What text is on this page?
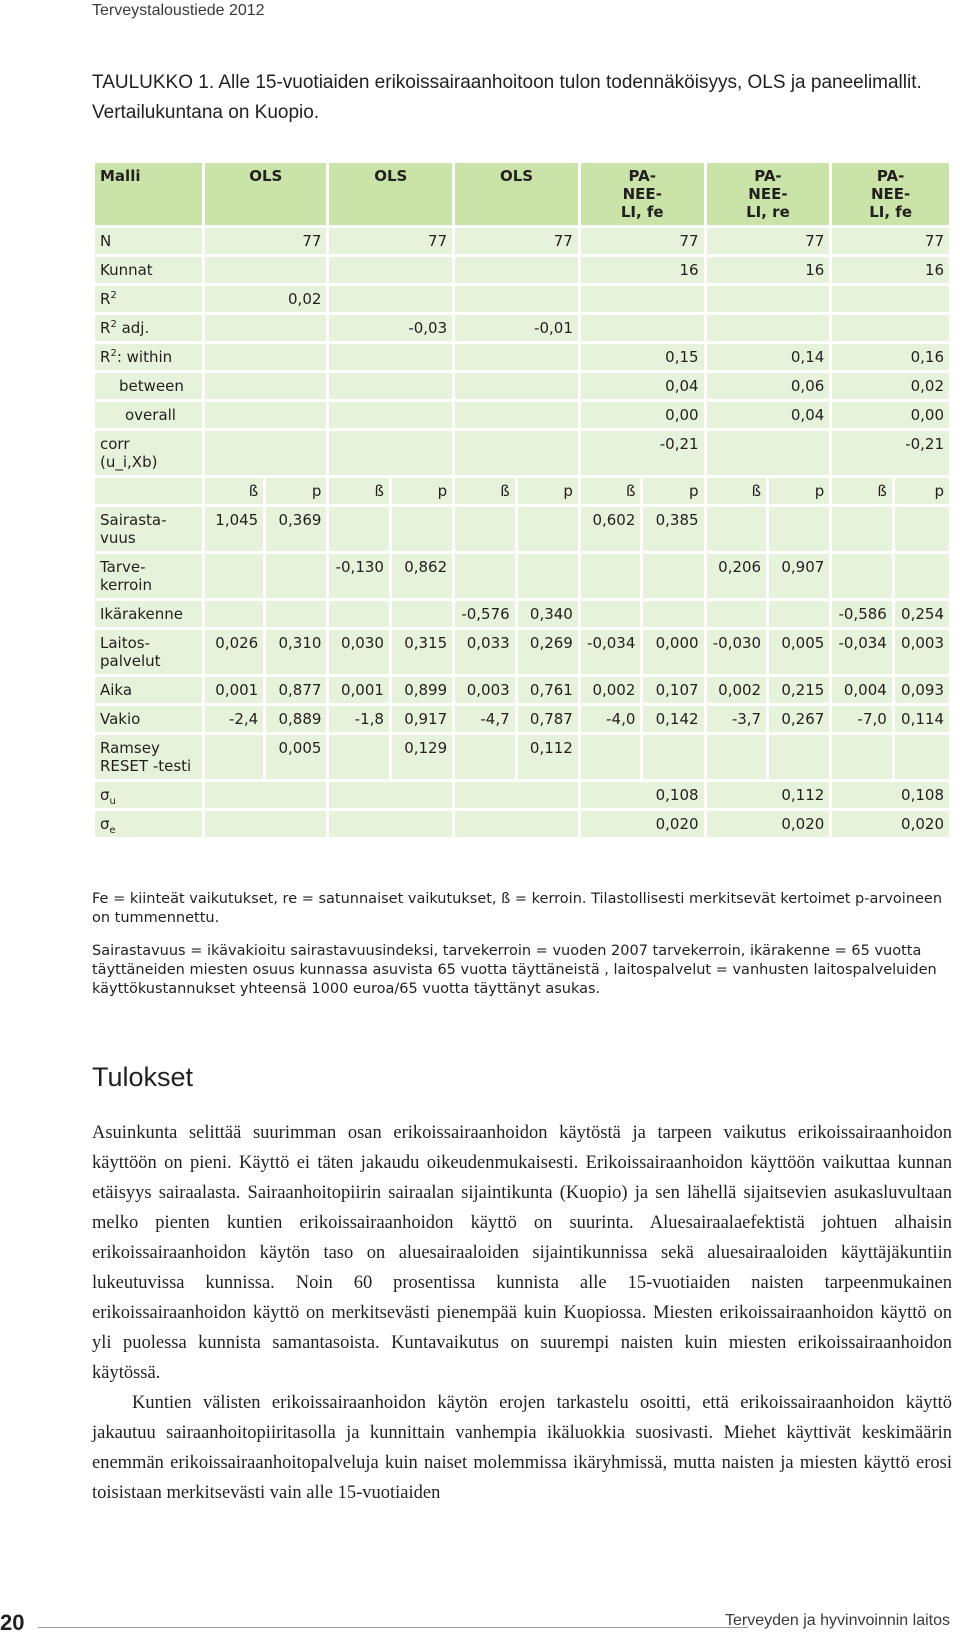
Terveystaloustiede 2012
TAULUKKO 1. Alle 15-vuotiaiden erikoissairaanhoitoon tulon todennäköisyys, OLS ja paneelimallit. Vertailukuntana on Kuopio.
Malli	OLS		OLS		OLS		PA-NEE-LI, fe		PA-NEE-LI, re		PA-NEE-LI, fe	
N	77		77		77		77		77		77	
Kunnat							16		16		16	
$R^2$	0,02											
$R^2$ adj.			-0,03		-0,01							
$R^2$: within							0,15		0,14		0,16	
between							0,04		0,06		0,02	
overall							0,00		0,04		0,00	
corr
(u_i,Xb)							-0,21				-0,21	
	ß	p	ß	p	ß	p	ß	p	ß	p	ß	p
Sairasta-
vuus	1,045	0,369					0,602	0,385				
Tarve-
kerroin			-0,130	0,862					0,206	0,907		
Ikärakenne					-0,576	0,340					-0,586	0,254
Laitos-
palvelut	0,026	0,310	0,030	0,315	0,033	0,269	-0,034	0,000	-0,030	0,005	-0,034	0,003
Aika	0,001	0,877	0,001	0,899	0,003	0,761	0,002	0,107	0,002	0,215	0,004	0,093
Vakio	-2,4	0,889	-1,8	0,917	-4,7	0,787	-4,0	0,142	-3,7	0,267	-7,0	0,114
Ramsey
RESET -testi		0,005		0,129		0,112						
$\sigma_u$							0,108		0,112		0,108	
$\sigma_e$							0,020		0,020		0,020	

Fe = kiinteät vaikutukset, re = satunnaiset vaikutukset, ß = kerroin. Tilastollisesti merkitsevät kertoimet p-arvoineen on tummennettu.

Sairastavuus = ikävakioitu sairastavuusindeksi, tarvekerroin = vuoden 2007 tarvekerroin, ikärakenne = 65 vuotta täyttäneiden miesten osuus kunnassa asuvista 65 vuotta täyttäneistä , laitospalvelut = vanhusten laitospalveluiden käyttökustannukset yhteensä 1000 euroa/65 vuotta täyttänyt asukas.

Tulokset

Asuinkunta selittää suurimman osan erikoissairaanhoidon käytöstä ja tarpeen vaikutus erikoissairaanhoidon käyttöön on pieni. Käyttö ei täten jakaudu oikeudenmukaisesti. Erikoissairaanhoidon käyttöön vaikuttaa kunnan etäisyys sairaalasta. Sairaanhoitopiirin sairaalan sijaintikunta (Kuopio) ja sen lähellä sijaitsevien asukasluvultaan melko pienten kuntien erikoissairaanhoidon käyttö on suurinta. Aluesairaalaefektistä johtuen alhaisin erikoissairaanhoidon käytön taso on aluesairaaloiden sijaintikunnissa sekä aluesairaaloiden käyttäjäkuntiin lukeutuvissa kunnissa. Noin 60 prosentissa kunnista alle 15-vuotiaiden naisten tarpeenmukainen erikoissairaanhoidon käyttö on merkitsevästi pienempää kuin Kuopiossa. Miesten erikoissairaanhoidon käyttö on yli puolessa kunnista samantasoista. Kuntavaikutus on suurempi naisten kuin miesten erikoissairaanhoidon käytössä.

Kuntien välisten erikoissairaanhoidon käytön erojen tarkastelu osoitti, että erikoissairaanhoidon käyttö jakautuu sairaanhoitopiiritasolla ja kunnittain vanhempia ikäluokkia suosivasti. Miehet käyttivät keskimäärin enemmän erikoissairaanhoitopalveluja kuin naiset molemmissa ikäryhmissä, mutta naisten ja miesten käyttö erosi toisistaan merkitsevästi vain alle 15-vuotiaiden

20	Terveyden ja hyvinvoinnin laitos
